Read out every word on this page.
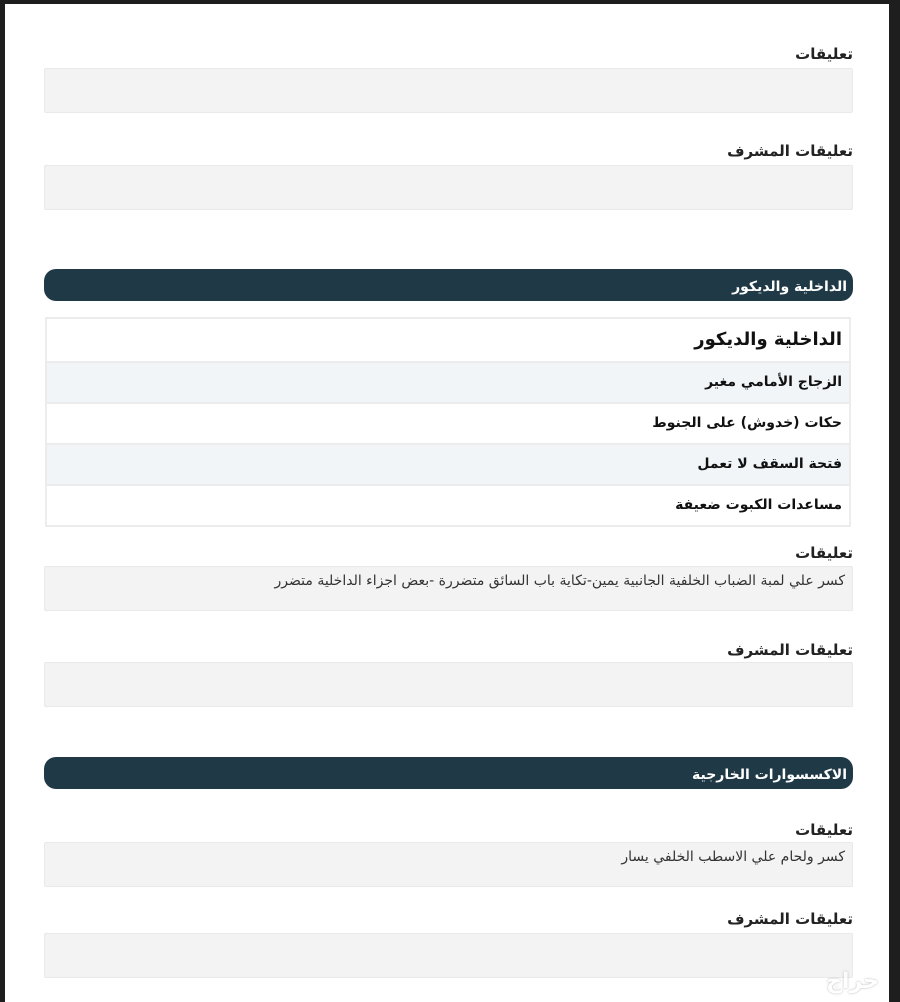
تعليقات
تعليقات المشرف
الداخلية والديكور
الداخلية والديكور
الزجاج الأمامي مغير
حكات (خدوش) على الجنوط
فتحة السقف لا تعمل
مساعدات الكبوت ضعيفة
تعليقات
كسر علي لمبة الضباب الخلفية الجانبية يمين-تكاية باب السائق متضررة -بعض اجزاء الداخلية متضرر
تعليقات المشرف
الاكسسوارات الخارجية
تعليقات
كسر ولحام علي الاسطب الخلفي يسار
تعليقات المشرف
حراج
